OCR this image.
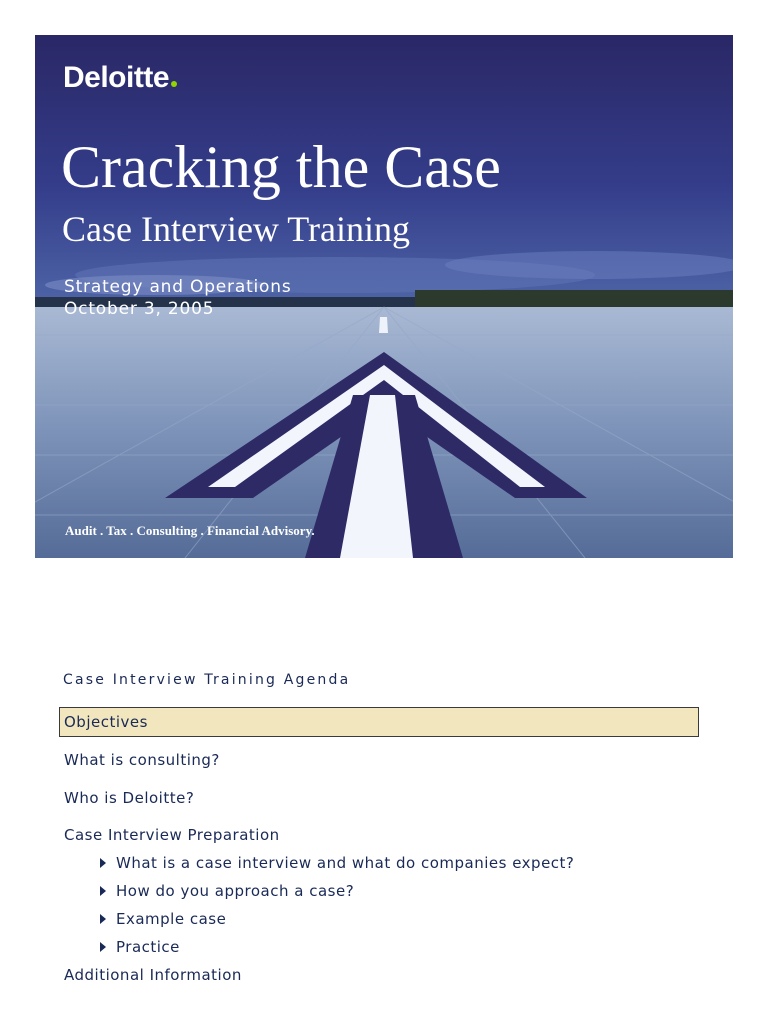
Deloitte
Cracking the Case
Case Interview Training
Strategy and Operations
October 3, 2005
Audit . Tax . Consulting . Financial Advisory.
Case Interview Training Agenda
Objectives
What is consulting?
Who is Deloitte?
Case Interview Preparation
What is a case interview and what do companies expect?
How do you approach a case?
Example case
Practice
Additional Information
